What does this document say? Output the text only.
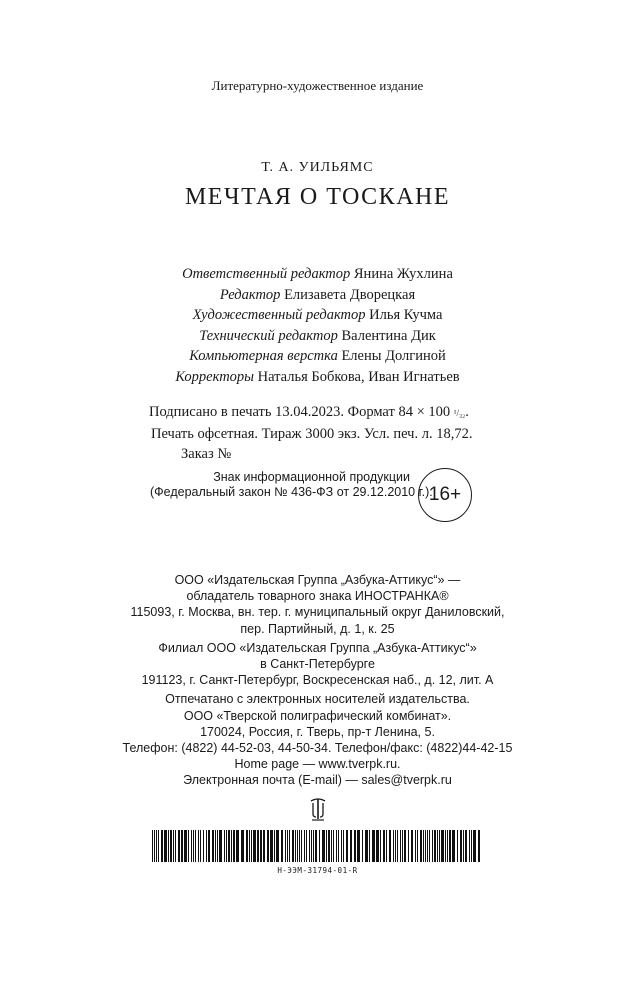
Литературно-художественное издание
Т. А. УИЛЬЯМС
МЕЧТАЯ О ТОСКАНЕ
Ответственный редактор Янина Жухлина
Редактор Елизавета Дворецкая
Художественный редактор Илья Кучма
Технический редактор Валентина Дик
Компьютерная верстка Елены Долгиной
Корректоры Наталья Бобкова, Иван Игнатьев
Подписано в печать 13.04.2023. Формат 84 × 100 ¹/₃₂.
Печать офсетная. Тираж 3000 экз. Усл. печ. л. 18,72.
Заказ №
Знак информационной продукции
(Федеральный закон № 436-ФЗ от 29.12.2010 г.):
16+
ООО «Издательская Группа „Азбука-Аттикус“» —
обладатель товарного знака ИНОСТРАНКА®
115093, г. Москва, вн. тер. г. муниципальный округ Даниловский,
пер. Партийный, д. 1, к. 25
Филиал ООО «Издательская Группа „Азбука-Аттикус“»
в Санкт-Петербурге
191123, г. Санкт-Петербург, Воскресенская наб., д. 12, лит. А
Отпечатано с электронных носителей издательства.
ООО «Тверской полиграфический комбинат».
170024, Россия, г. Тверь, пр-т Ленина, 5.
Телефон: (4822) 44-52-03, 44-50-34. Телефон/факс: (4822)44-42-15
Home page — www.tverpk.ru.
Электронная почта (E-mail) — sales@tverpk.ru
Н-ЭЭМ-31794-01-R
